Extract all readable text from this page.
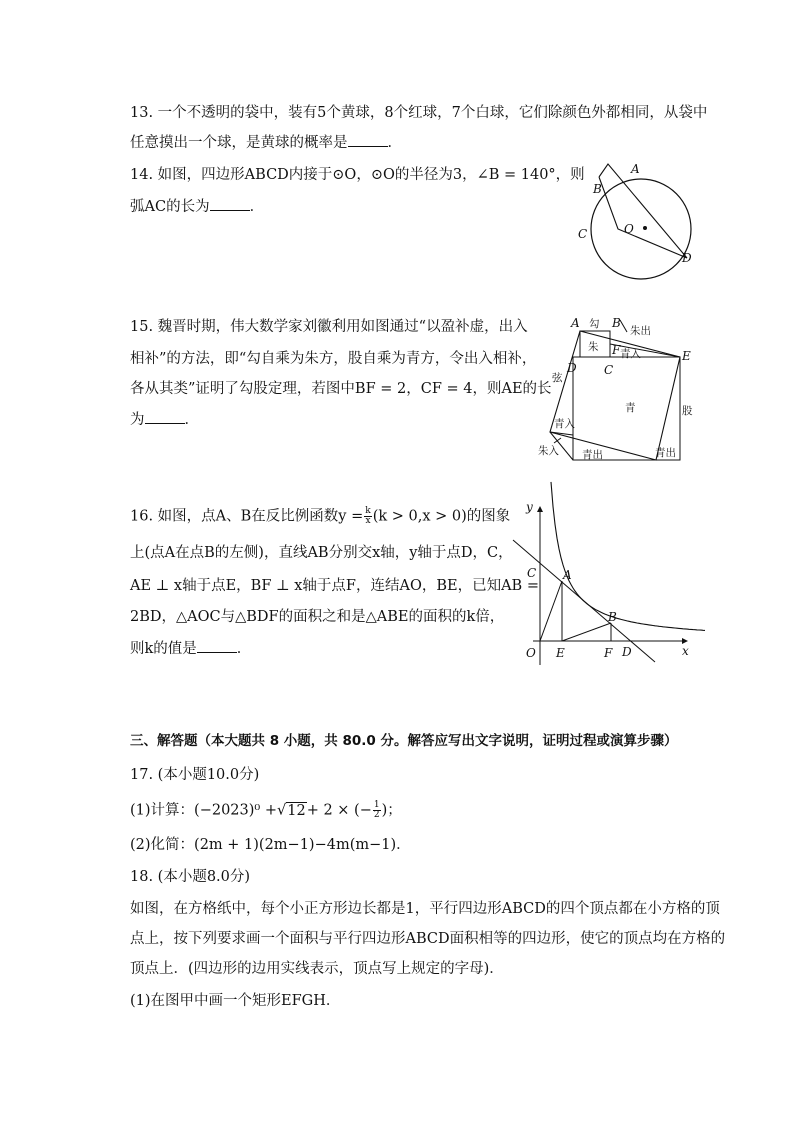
13. 一个不透明的袋中，装有5个黄球，8个红球，7个白球，它们除颜色外都相同，从袋中
任意摸出一个球，是黄球的概率是	．
14. 如图，四边形ABCD内接于⊙O，⊙O的半径为3，∠B = 140°，则
弧AC的长为	．
A
B
C
D
O
15. 魏晋时期，伟大数学家刘徽利用如图通过“以盈补虚，出入
相补”的方法，即“勾自乘为朱方，股自乘为青方，令出入相补，
各从其类”证明了勾股定理，若图中BF = 2，CF = 4，则AE的长
为	．
A	B
C
D
E
F
勾
朱
朱出
青入
弦
青	股
青入
朱入 青出	青出
16. 如图，点A、B在反比例函数$y = \frac{k}{x} (k > 0,x > 0)$的图象
上(点A在点B的左侧)，直线AB分别交x轴，y轴于点D，C，
AE ⊥ x轴于点E，BF ⊥ x轴于点F，连结AO，BE，已知AB =
2BD，△AOC与△BDF的面积之和是△ABE的面积的k倍，
则k的值是	．
y
x
A
B
C
D
E	F
O
三、解答题（本大题共 8 小题，共 80.0 分。解答应写出文字说明，证明过程或演算步骤）
17. (本小题10.0分)
(1)计算：(−2023)⁰ +√12+ 2 × (− $\frac{1}{2}$ )；
(2)化简：(2m + 1)(2m−1)−4m(m−1)．
18. (本小题8.0分)
如图，在方格纸中，每个小正方形边长都是1，平行四边形ABCD的四个顶点都在小方格的顶
点上，按下列要求画一个面积与平行四边形ABCD面积相等的四边形，使它的顶点均在方格的
顶点上．(四边形的边用实线表示，顶点写上规定的字母)．
(1)在图甲中画一个矩形EFGH．
